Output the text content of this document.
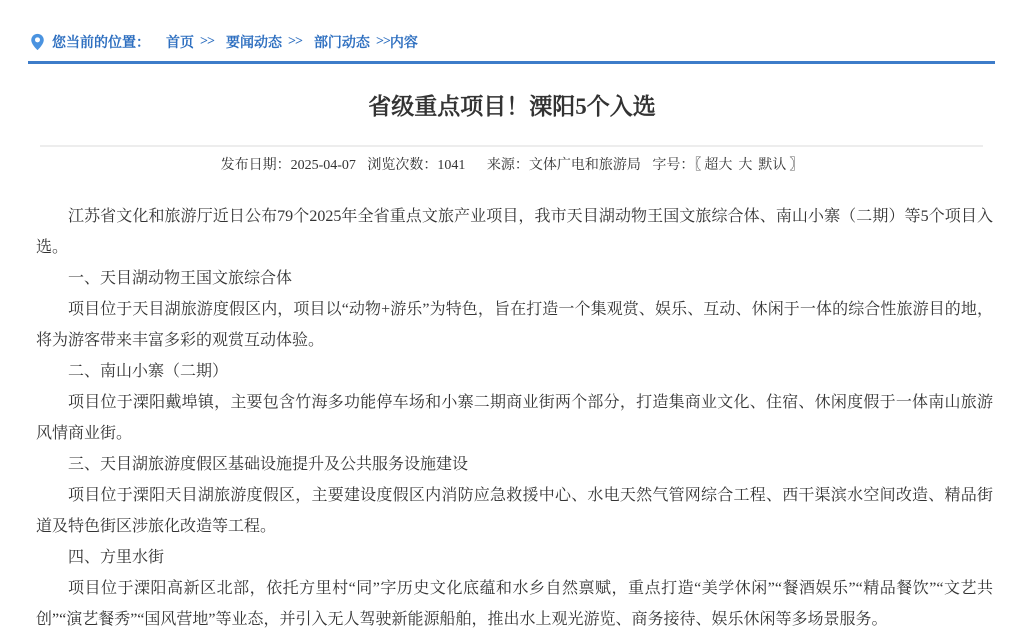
您当前的位置： 首页 >> 要闻动态 >> 部门动态 >> 内容
省级重点项目！溧阳5个入选
发布日期：2025-04-07 浏览次数：1041 来源：文体广电和旅游局 字号：〖 超大 大 默认 〗

江苏省文化和旅游厅近日公布79个2025年全省重点文旅产业项目，我市天目湖动物王国文旅综合体、南山小寨（二期）等5个项目入选。

一、天目湖动物王国文旅综合体

项目位于天目湖旅游度假区内，项目以“动物+游乐”为特色，旨在打造一个集观赏、娱乐、互动、休闲于一体的综合性旅游目的地，将为游客带来丰富多彩的观赏互动体验。

二、南山小寨（二期）

项目位于溧阳戴埠镇，主要包含竹海多功能停车场和小寨二期商业街两个部分，打造集商业文化、住宿、休闲度假于一体南山旅游风情商业街。

三、天目湖旅游度假区基础设施提升及公共服务设施建设

项目位于溧阳天目湖旅游度假区，主要建设度假区内消防应急救援中心、水电天然气管网综合工程、西干渠滨水空间改造、精品街道及特色街区涉旅化改造等工程。

四、方里水街

项目位于溧阳高新区北部，依托方里村“同”字历史文化底蕴和水乡自然禀赋，重点打造“美学休闲”“餐酒娱乐”“精品餐饮”“文艺共创”“演艺餐秀”“国风营地”等业态，并引入无人驾驶新能源船舶，推出水上观光游览、商务接待、娱乐休闲等多场景服务。
